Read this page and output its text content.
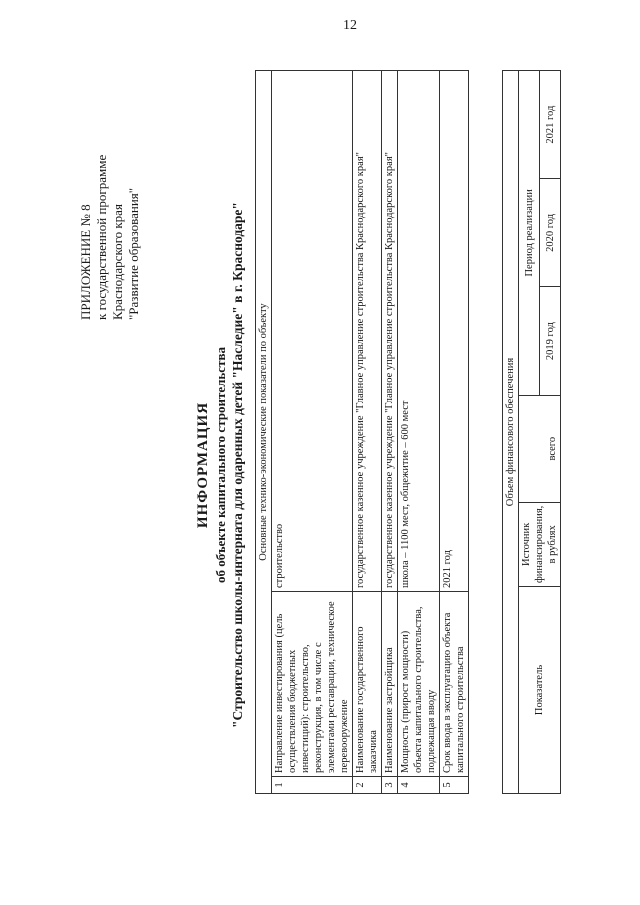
12
ПРИЛОЖЕНИЕ № 8 к государственной программе Краснодарского края "Развитие образования"
ИНФОРМАЦИЯ об объекте капитального строительства "Строительство школы-интерната для одаренных детей "Наследие" в г. Краснодаре" Основные технико-экономические показатели по объекту		
1	Направление инвестирования (цель осуществления бюджетных инвестиций): строительство, реконструкция, в том числе с элементами реставрации, техническое перевооружение	строительство
2	Наименование государственного заказчика	государственное казенное учреждение "Главное управление строительства Краснодарского края"
3	Наименование застройщика	государственное казенное учреждение "Главное управление строительства Краснодарского края"
4	Мощность (прирост мощности) объекта капитального строительства, подлежащая вводу	школа – 1100 мест, общежитие – 600 мест
5	Срок ввода в эксплуатацию объекта капитального строительства	2021 год
Объем финансового обеспечения					
Показатель	Источник финансирования, в рублях	всего	Период реализации		
			2019 год	2020 год	2021 год
